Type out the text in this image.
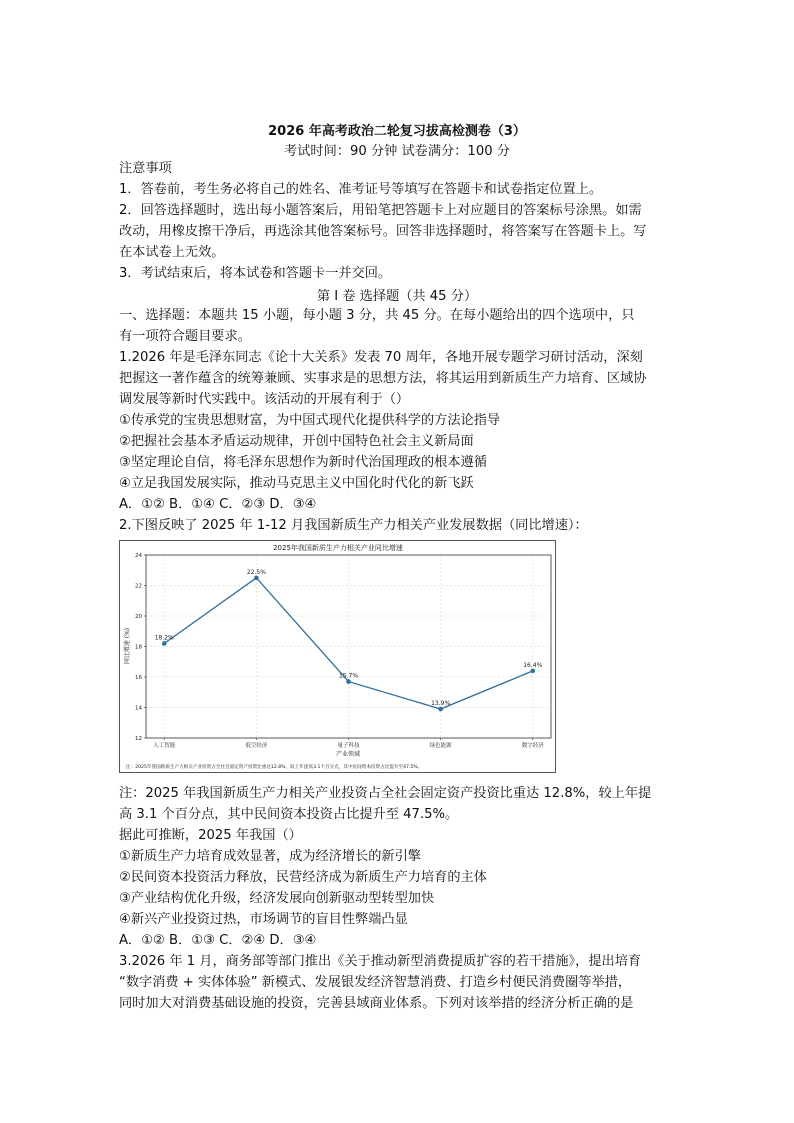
2026 年高考政治二轮复习拔高检测卷（3）
考试时间：90 分钟 试卷满分：100 分
注意事项
1．答卷前，考生务必将自己的姓名、准考证号等填写在答题卡和试卷指定位置上。
2．回答选择题时，选出每小题答案后，用铅笔把答题卡上对应题目的答案标号涂黑。如需
改动，用橡皮擦干净后，再选涂其他答案标号。回答非选择题时，将答案写在答题卡上。写
在本试卷上无效。
3．考试结束后，将本试卷和答题卡一并交回。
第 Ⅰ 卷 选择题（共 45 分）
一、选择题：本题共 15 小题，每小题 3 分，共 45 分。在每小题给出的四个选项中，只
有一项符合题目要求。
1.2026 年是毛泽东同志《论十大关系》发表 70 周年，各地开展专题学习研讨活动，深刻
把握这一著作蕴含的统筹兼顾、实事求是的思想方法，将其运用到新质生产力培育、区域协
调发展等新时代实践中。该活动的开展有利于（）
①传承党的宝贵思想财富，为中国式现代化提供科学的方法论指导
②把握社会基本矛盾运动规律，开创中国特色社会主义新局面
③坚定理论自信，将毛泽东思想作为新时代治国理政的根本遵循
④立足我国发展实际，推动马克思主义中国化时代化的新飞跃
A．①② B．①④ C．②③ D．③④
2.下图反映了 2025 年 1-12 月我国新质生产力相关产业发展数据（同比增速）：
2025年我国新质生产力相关产业同比增速
12
14
16
18
20
22
24
人工智能	低空经济	量子科技	绿色能源	数字经济
18.2%
22.5%
15.7%
13.9%
16.4%
同比增速 (%)
产业领域
注：2025年我国新质生产力相关产业投资占全社会固定资产投资比重达12.8%，较上年提高3.1个百分点，其中民间资本投资占比提升至47.5%。
注：2025 年我国新质生产力相关产业投资占全社会固定资产投资比重达 12.8%，较上年提
高 3.1 个百分点，其中民间资本投资占比提升至 47.5%。
据此可推断，2025 年我国（）
①新质生产力培育成效显著，成为经济增长的新引擎
②民间资本投资活力释放，民营经济成为新质生产力培育的主体
③产业结构优化升级，经济发展向创新驱动型转型加快
④新兴产业投资过热，市场调节的盲目性弊端凸显
A．①② B．①③ C．②④ D．③④
3.2026 年 1 月，商务部等部门推出《关于推动新型消费提质扩容的若干措施》，提出培育
“数字消费 + 实体体验” 新模式、发展银发经济智慧消费、打造乡村便民消费圈等举措，
同时加大对消费基础设施的投资，完善县域商业体系。下列对该举措的经济分析正确的是
